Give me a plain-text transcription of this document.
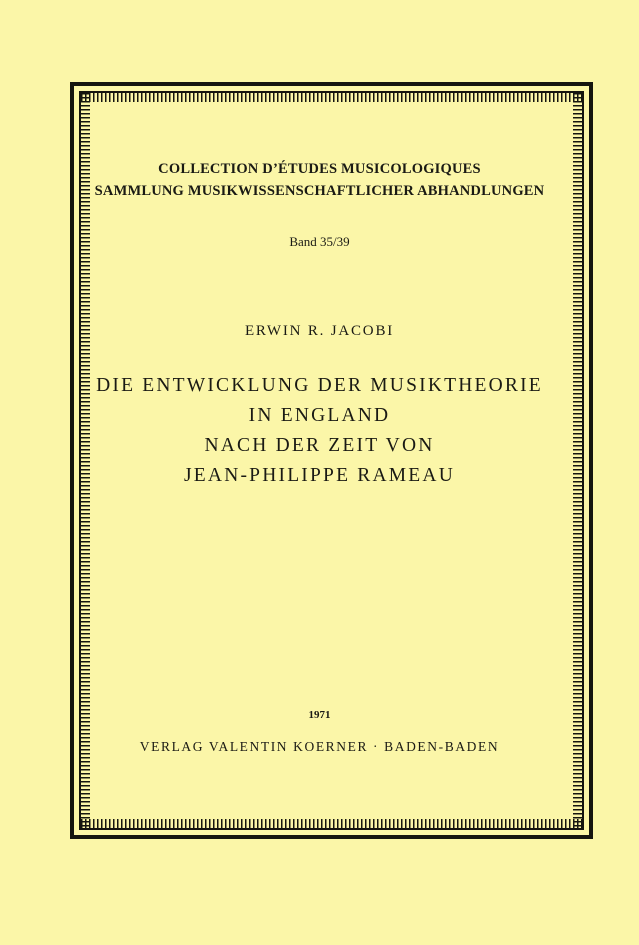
COLLECTION D’ÉTUDES MUSICOLOGIQUES
SAMMLUNG MUSIKWISSENSCHAFTLICHER ABHANDLUNGEN
Band 35/39
ERWIN R. JACOBI
DIE ENTWICKLUNG DER MUSIKTHEORIE
IN ENGLAND
NACH DER ZEIT VON
JEAN-PHILIPPE RAMEAU
1971
VERLAG VALENTIN KOERNER · BADEN-BADEN
